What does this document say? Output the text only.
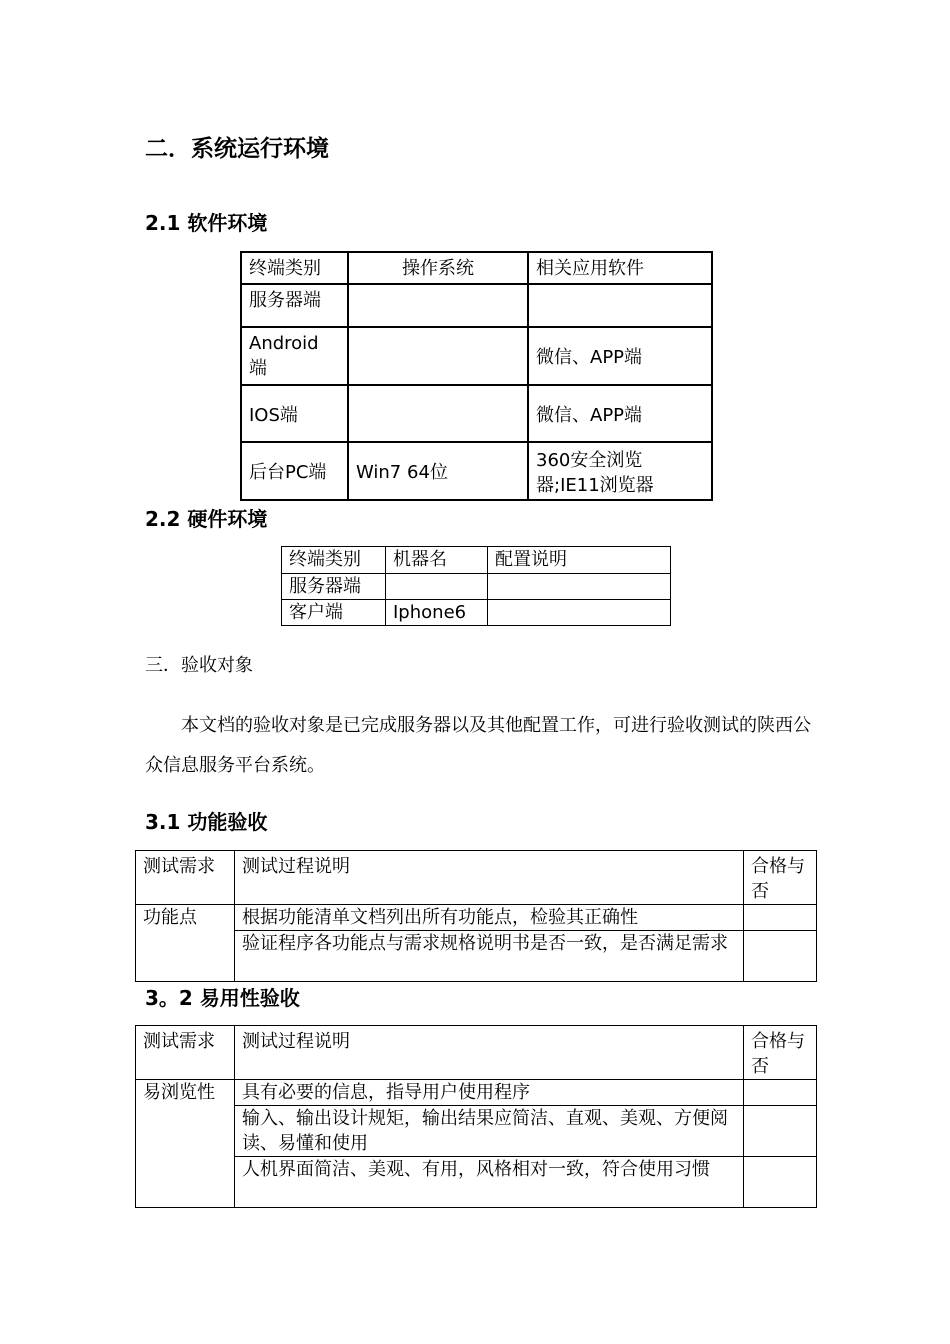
二．系统运行环境
2.1 软件环境
终端类别	操作系统	相关应用软件
服务器端		
Android 端		微信、APP端
IOS端		微信、APP端
后台PC端	Win7 64位	360安全浏览器;IE11浏览器
2.2 硬件环境
终端类别	机器名	配置说明
服务器端		
客户端	Iphone6	
三．验收对象
本文档的验收对象是已完成服务器以及其他配置工作，可进行验收测试的陕西公众信息服务平台系统。
3.1 功能验收
测试需求	测试过程说明	合格与否
功能点	根据功能清单文档列出所有功能点，检验其正确性	
	验证程序各功能点与需求规格说明书是否一致，是否满足需求	
3。2 易用性验收
测试需求	测试过程说明	合格与否
易浏览性	具有必要的信息，指导用户使用程序	
	输入、输出设计规矩，输出结果应简洁、直观、美观、方便阅读、易懂和使用	
	人机界面简洁、美观、有用，风格相对一致，符合使用习惯	
